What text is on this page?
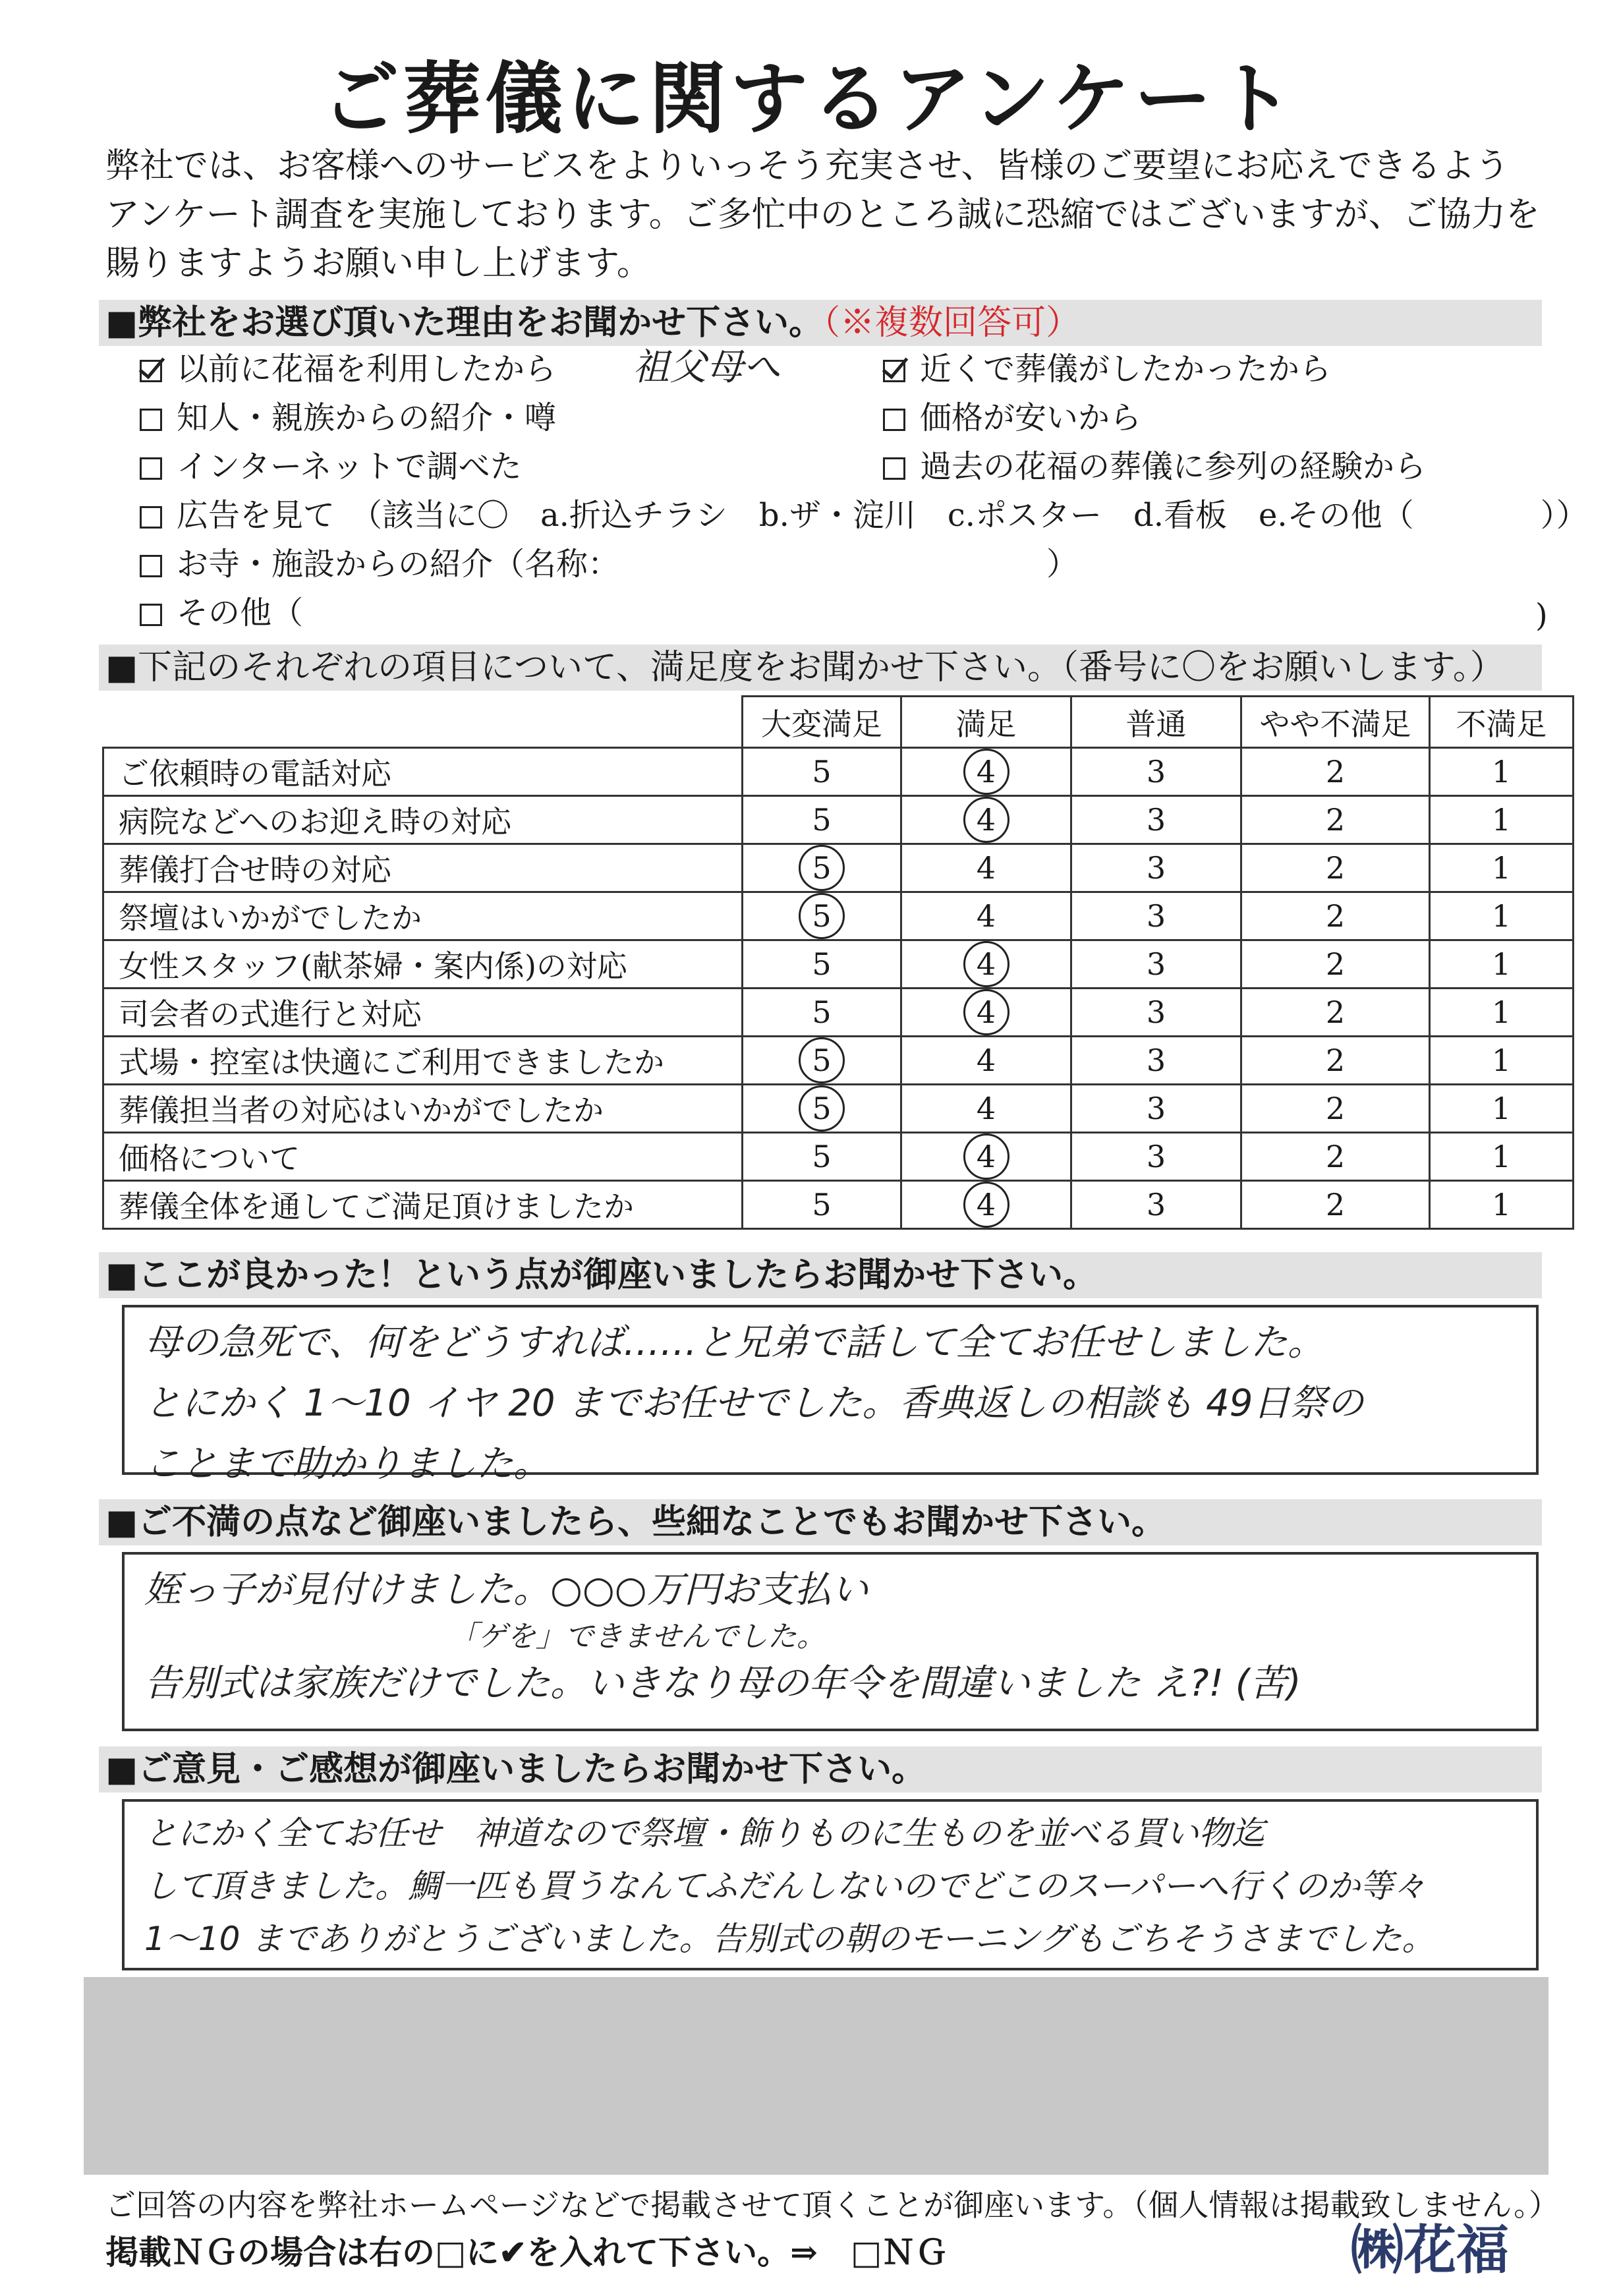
ご葬儀に関するアンケート
弊社では、お客様へのサービスをよりいっそう充実させ、皆様のご要望にお応えできるようアンケート調査を実施しております。ご多忙中のところ誠に恐縮ではございますが、ご協力を賜りますようお願い申し上げます。
■弊社をお選び頂いた理由をお聞かせ下さい。（※複数回答可）
以前に花福を利用したから
知人・親族からの紹介・噂
インターネットで調べた
祖父母へ	近くで葬儀がしたかったから
価格が安いから
過去の花福の葬儀に参列の経験から
広告を見て　（該当に〇　a.折込チラシ　b.ザ・淀川　c.ポスター　d.看板　e.その他（　　　　））
お寺・施設からの紹介（名称：　　　　　　　　　　　　　　）
その他（	)
■下記のそれぞれの項目について、満足度をお聞かせ下さい。（番号に〇をお願いします。）
	大変満足	満足	普通	やや不満足	不満足
ご依頼時の電話対応	5	4	3	2	1
病院などへのお迎え時の対応	5	4	3	2	1
葬儀打合せ時の対応	5	4	3	2	1
祭壇はいかがでしたか	5	4	3	2	1
女性スタッフ(献茶婦・案内係)の対応	5	4	3	2	1
司会者の式進行と対応	5	4	3	2	1
式場・控室は快適にご利用できましたか	5	4	3	2	1
葬儀担当者の対応はいかがでしたか	5	4	3	2	1
価格について	5	4	3	2	1
葬儀全体を通してご満足頂けましたか	5	4	3	2	1
■ここが良かった！という点が御座いましたらお聞かせ下さい。
母の急死で、何をどうすれば……と兄弟で話して全てお任せしました。
とにかく 1〜10 イヤ 20 までお任せでした。香典返しの相談も 49日祭の
ことまで助かりました。
■ご不満の点など御座いましたら、些細なことでもお聞かせ下さい。
姪っ子が見付けました。○○○万円お支払い
　　　　　　　　　　　「ゲを」できませんでした。
告別式は家族だけでした。いきなり母の年令を間違いました え?! (苦)
■ご意見・ご感想が御座いましたらお聞かせ下さい。
とにかく全てお任せ　神道なので祭壇・飾りものに生ものを並べる買い物迄
して頂きました。鯛一匹も買うなんてふだんしないのでどこのスーパーへ行くのか等々
1〜10 までありがとうございました。告別式の朝のモーニングもごちそうさまでした。
ご回答の内容を弊社ホームページなどで掲載させて頂くことが御座います。（個人情報は掲載致しません。）
掲載ＮＧの場合は右の□に✔を入れて下さい。⇒　□ＮＧ	㈱花福
